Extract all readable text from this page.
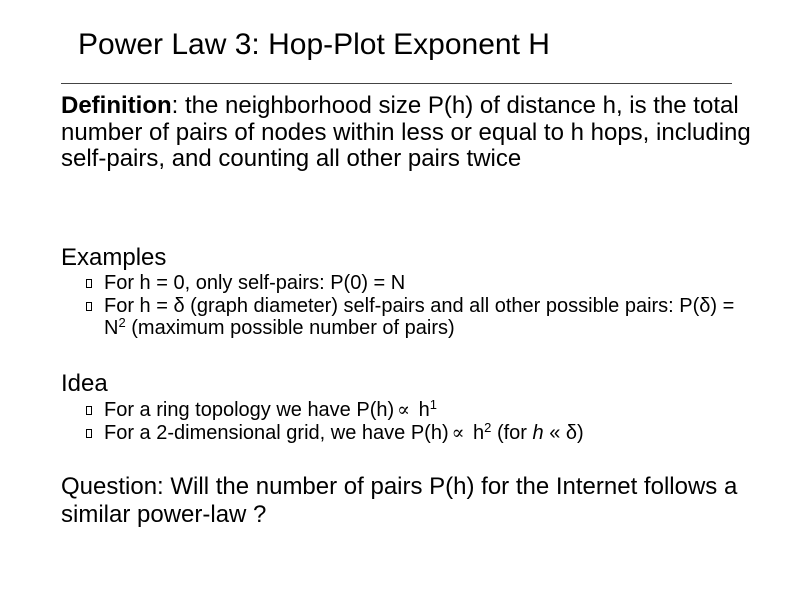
Power Law 3: Hop-Plot Exponent H
Definition: the neighborhood size P(h) of distance h, is the total number of pairs of nodes within less or equal to h hops, including self-pairs, and counting all other pairs twice
Examples
For h = 0, only self-pairs: P(0) = N
For h = δ (graph diameter) self-pairs and all other possible pairs: $P(\delta) = N^2$ (maximum possible number of pairs)
Idea
For a ring topology we have $P(h) \propto h^1$
For a 2-dimensional grid, we have $P(h) \propto h^2$ (for h « δ)
Question: Will the number of pairs P(h) for the Internet follows a similar power-law ?
